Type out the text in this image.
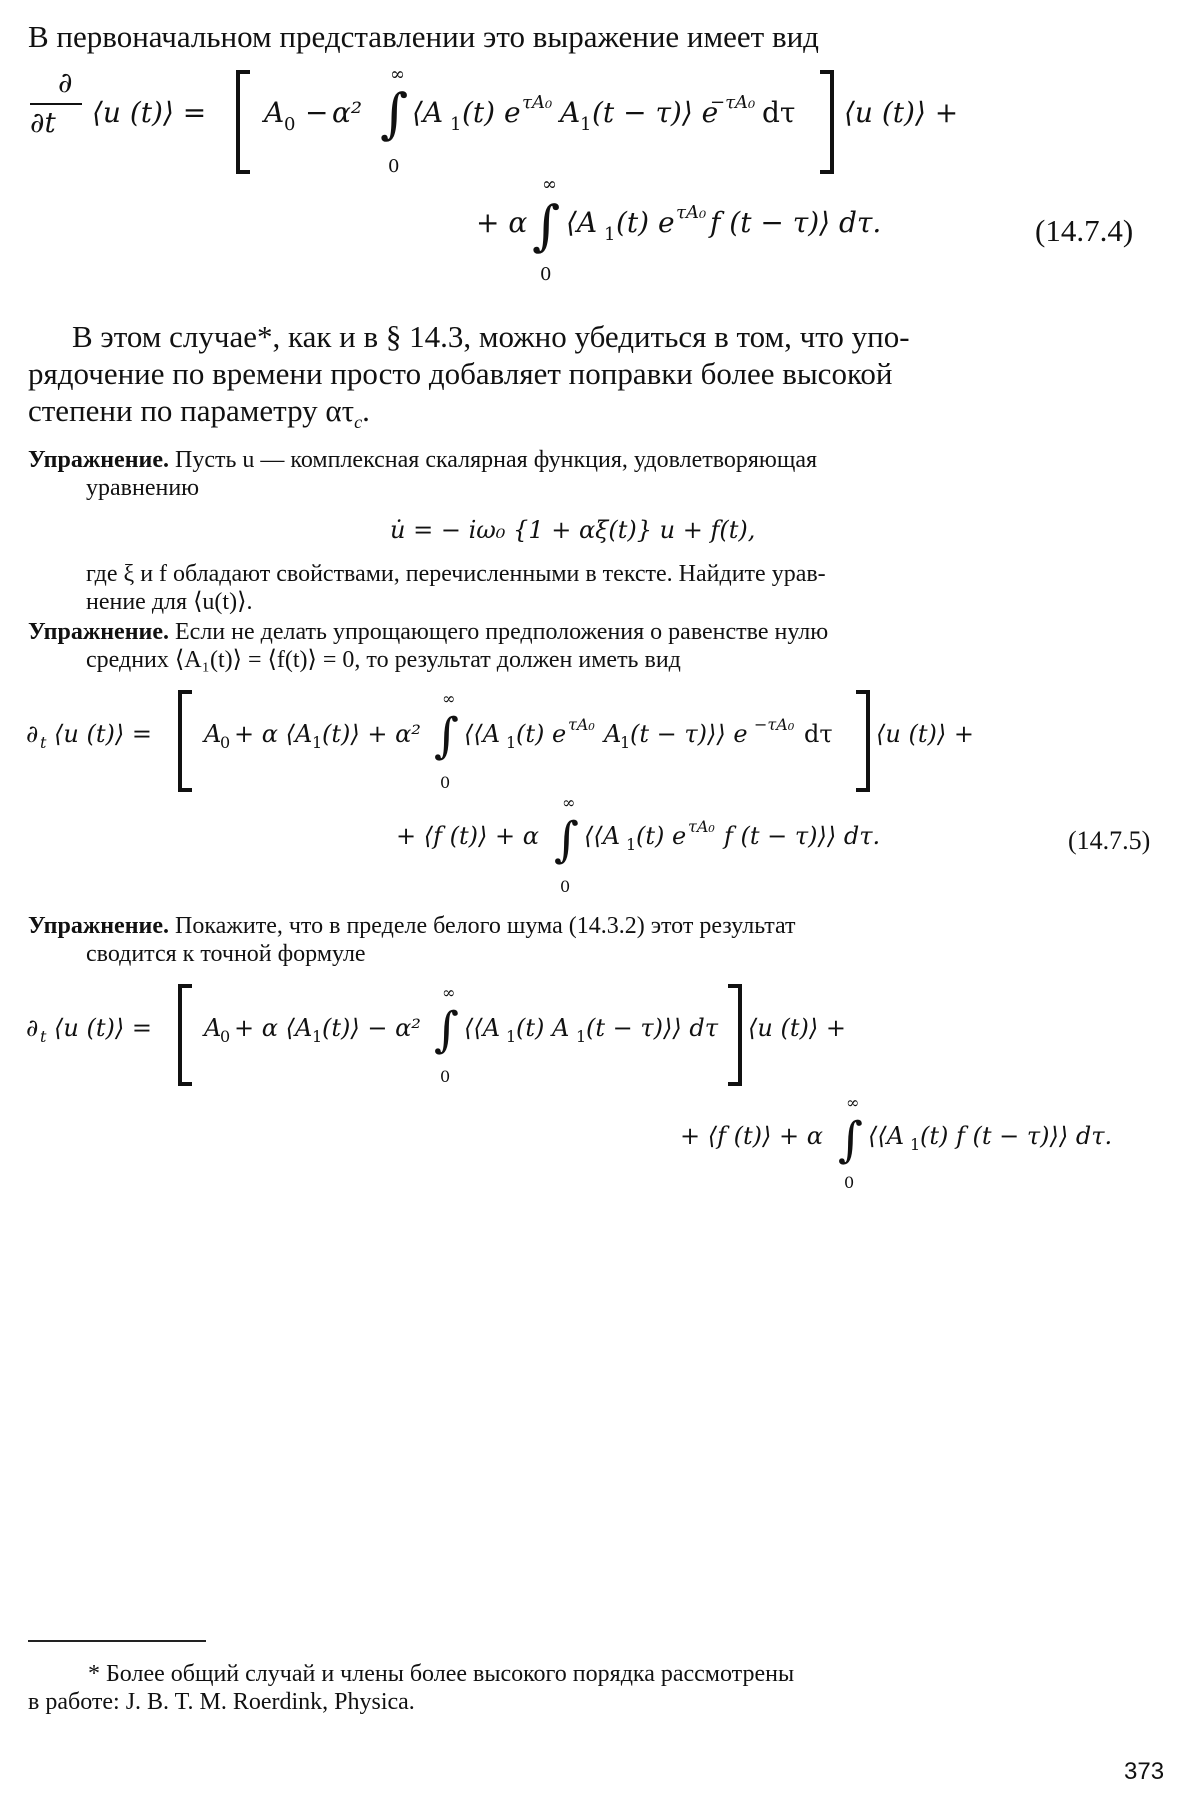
В первоначальном представлении это выражение имеет вид
∂
∂t ⟨u (t)⟩ = A 0 − α² ∫
∞
0
⟨A 1 (t) e τA₀ A 1 (t − τ)⟩ e
−τA₀ dτ ⟨u (t)⟩ +
+ α ∫
∞
0
⟨A 1 (t) e τA₀ f (t − τ)⟩ dτ.	(14.7.4)
В этом случае*, как и в § 14.3, можно убедиться в том, что упо-
рядочение по времени просто добавляет поправки более высокой
степени по параметру $\alpha\tau_c$.
Упражнение. Пусть u — комплексная скалярная функция, удовлетворяющая
уравнению
u̇ = − iω₀ {1 + αξ(t)} u + f(t),
где ξ и f обладают свойствами, перечисленными в тексте. Найдите урав-
нение для ⟨u(t)⟩.
Упражнение. Если не делать упрощающего предположения о равенстве нулю
средних ⟨A₁(t)⟩ = ⟨f(t)⟩ = 0, то результат должен иметь вид
∂ t ⟨u (t)⟩ = A
0 + α ⟨A 1 (t)⟩ + α² ∫
∞
0
⟨⟨A 1 (t) e τA₀ A
1 (t − τ)⟩⟩ e −τA₀ dτ ⟨u (t)⟩ +
+ ⟨f (t)⟩ + α ∫
∞
0
⟨⟨A 1 (t) e τA₀ f (t − τ)⟩⟩ dτ.	(14.7.5)
Упражнение. Покажите, что в пределе белого шума (14.3.2) этот результат
сводится к точной формуле
∂ t ⟨u (t)⟩ = A
0 + α ⟨A 1 (t)⟩ − α² ∫
∞
0
⟨⟨A 1 (t) A 1 (t − τ)⟩⟩ dτ ⟨u (t)⟩ +
+ ⟨f (t)⟩ + α ∫
∞
0
⟨⟨A 1 (t) f (t − τ)⟩⟩ dτ.
* Более общий случай и члены более высокого порядка рассмотрены
в работе: J. B. T. M. Roerdink, Physica.
373
